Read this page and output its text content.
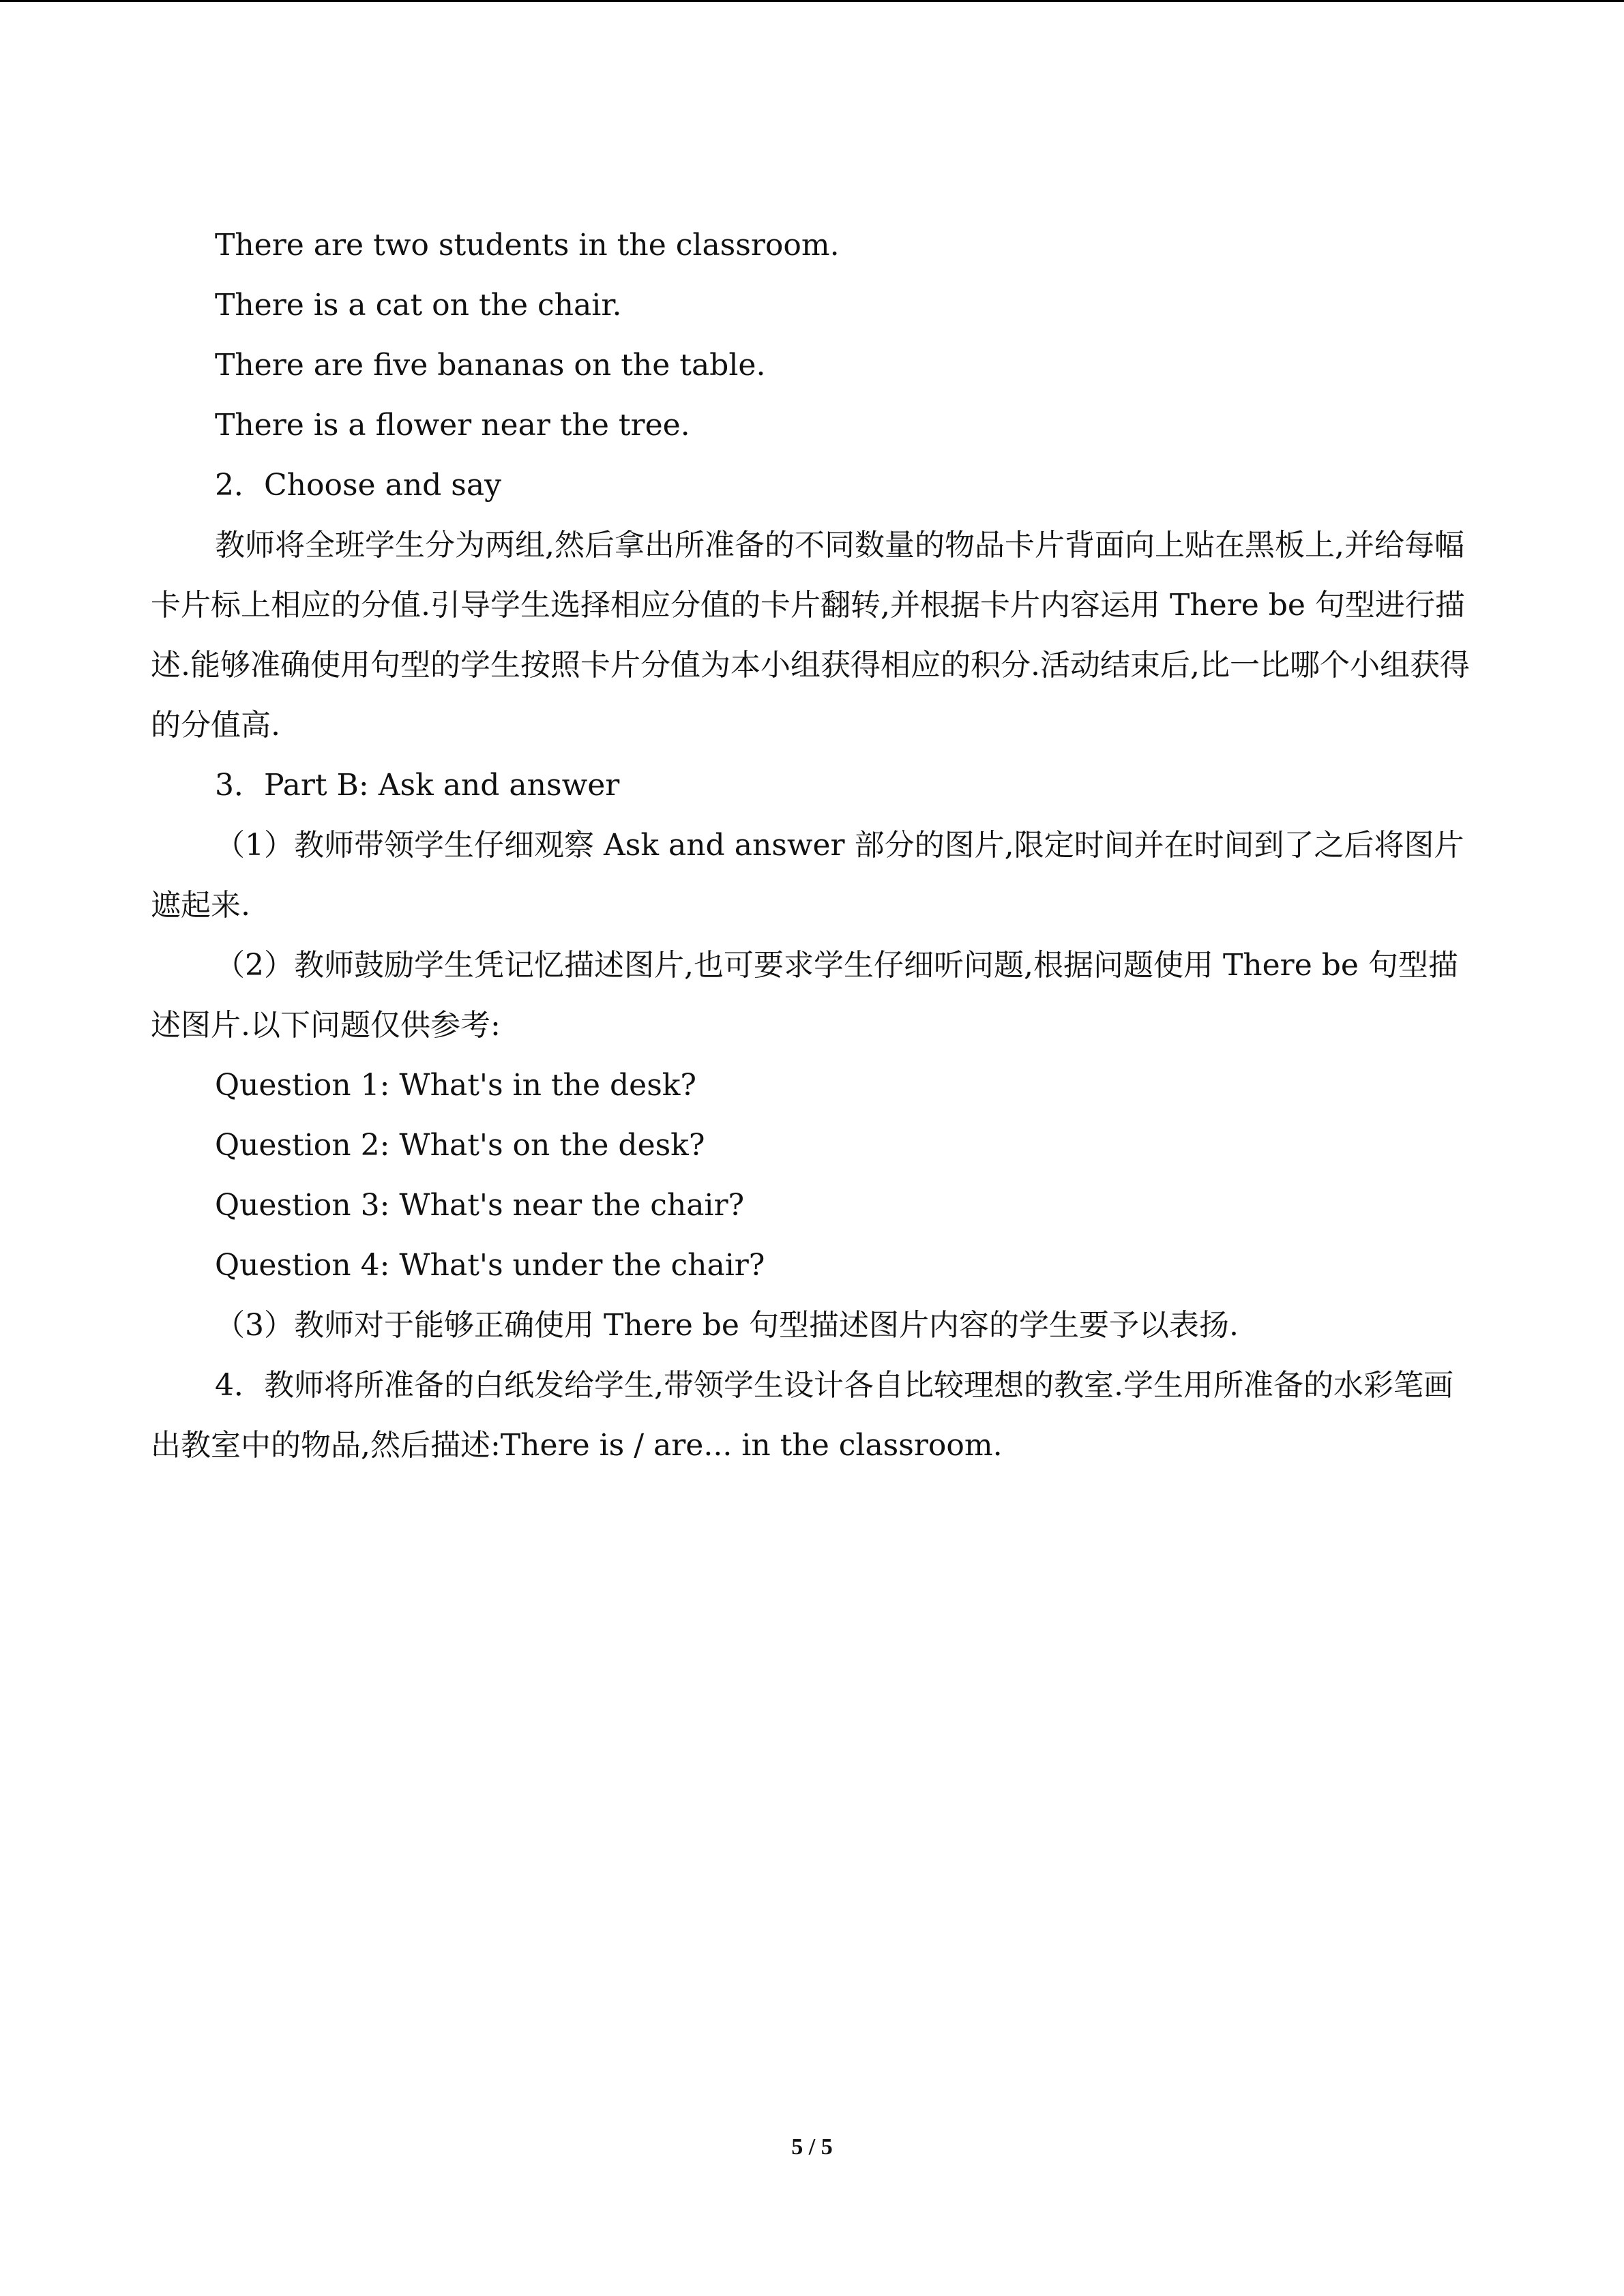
There are two students in the classroom.

There is a cat on the chair.

There are five bananas on the table.

There is a flower near the tree.

2．Choose and say

教师将全班学生分为两组,然后拿出所准备的不同数量的物品卡片背面向上贴在黑板上,并给每幅卡片标上相应的分值.引导学生选择相应分值的卡片翻转,并根据卡片内容运用 There be 句型进行描述.能够准确使用句型的学生按照卡片分值为本小组获得相应的积分.活动结束后,比一比哪个小组获得的分值高.

3．Part B: Ask and answer

（1）教师带领学生仔细观察 Ask and answer 部分的图片,限定时间并在时间到了之后将图片遮起来.

（2）教师鼓励学生凭记忆描述图片,也可要求学生仔细听问题,根据问题使用 There be 句型描述图片.以下问题仅供参考:

Question 1: What's in the desk?

Question 2: What's on the desk?

Question 3: What's near the chair?

Question 4: What's under the chair?

（3）教师对于能够正确使用 There be 句型描述图片内容的学生要予以表扬.

4．教师将所准备的白纸发给学生,带领学生设计各自比较理想的教室.学生用所准备的水彩笔画出教室中的物品,然后描述:There is / are... in the classroom.

5 / 5
